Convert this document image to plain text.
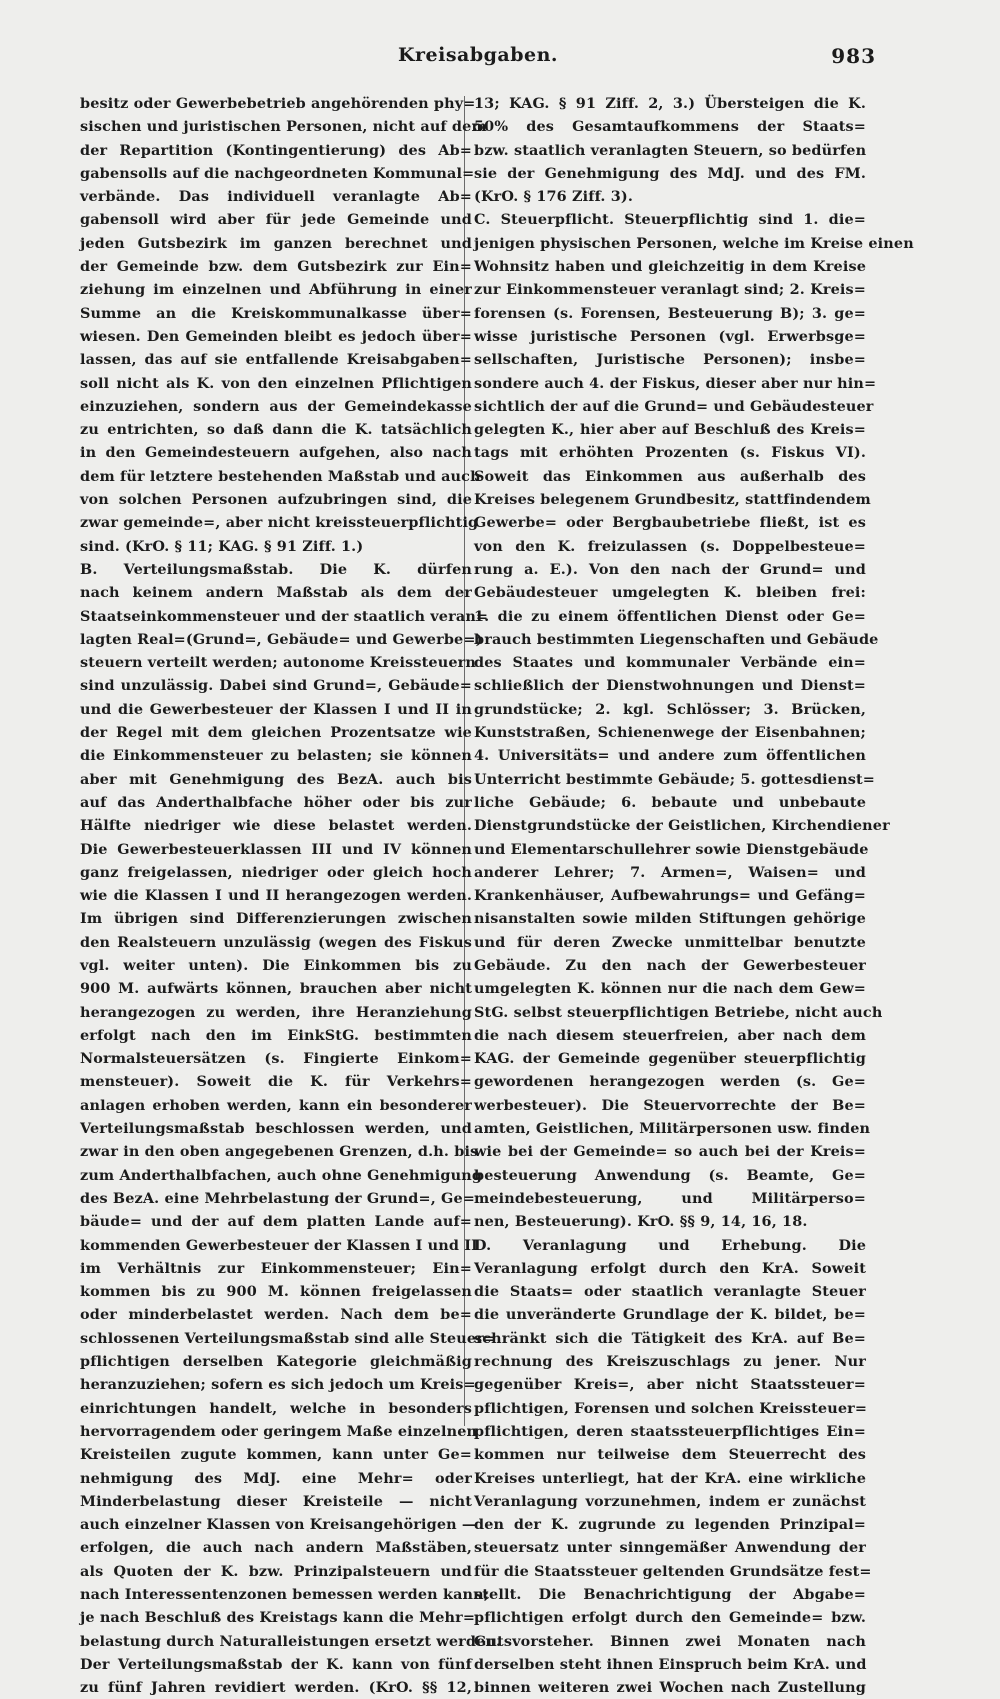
Kreisabgaben.	983
besitz oder Gewerbebetrieb angehörenden phy=
sischen und juristischen Personen, nicht auf dem
der Repartition (Kontingentierung) des Ab=
gabensolls auf die nachgeordneten Kommunal=
verbände. Das individuell veranlagte Ab=
gabensoll wird aber für jede Gemeinde und
jeden Gutsbezirk im ganzen berechnet und
der Gemeinde bzw. dem Gutsbezirk zur Ein=
ziehung im einzelnen und Abführung in einer
Summe an die Kreiskommunalkasse über=
wiesen. Den Gemeinden bleibt es jedoch über=
lassen, das auf sie entfallende Kreisabgaben=
soll nicht als K. von den einzelnen Pflichtigen
einzuziehen, sondern aus der Gemeindekasse
zu entrichten, so daß dann die K. tatsächlich
in den Gemeindesteuern aufgehen, also nach
dem für letztere bestehenden Maßstab und auch
von solchen Personen aufzubringen sind, die
zwar gemeinde=, aber nicht kreissteuerpflichtig
sind. (KrO. § 11; KAG. § 91 Ziff. 1.)
B. Verteilungsmaßstab. Die K. dürfen
nach keinem andern Maßstab als dem der
Staatseinkommensteuer und der staatlich veran=
lagten Real=(Grund=, Gebäude= und Gewerbe=)
steuern verteilt werden; autonome Kreissteuern
sind unzulässig. Dabei sind Grund=, Gebäude=
und die Gewerbesteuer der Klassen I und II in
der Regel mit dem gleichen Prozentsatze wie
die Einkommensteuer zu belasten; sie können
aber mit Genehmigung des BezA. auch bis
auf das Anderthalbfache höher oder bis zur
Hälfte niedriger wie diese belastet werden.
Die Gewerbesteuerklassen III und IV können
ganz freigelassen, niedriger oder gleich hoch
wie die Klassen I und II herangezogen werden.
Im übrigen sind Differenzierungen zwischen
den Realsteuern unzulässig (wegen des Fiskus
vgl. weiter unten). Die Einkommen bis zu
900 M. aufwärts können, brauchen aber nicht
herangezogen zu werden, ihre Heranziehung
erfolgt nach den im EinkStG. bestimmten
Normalsteuersätzen (s. Fingierte Einkom=
mensteuer). Soweit die K. für Verkehrs=
anlagen erhoben werden, kann ein besonderer
Verteilungsmaßstab beschlossen werden, und
zwar in den oben angegebenen Grenzen, d.h. bis
zum Anderthalbfachen, auch ohne Genehmigung
des BezA. eine Mehrbelastung der Grund=, Ge=
bäude= und der auf dem platten Lande auf=
kommenden Gewerbesteuer der Klassen I und II
im Verhältnis zur Einkommensteuer; Ein=
kommen bis zu 900 M. können freigelassen
oder minderbelastet werden. Nach dem be=
schlossenen Verteilungsmaßstab sind alle Steuer=
pflichtigen derselben Kategorie gleichmäßig
heranzuziehen; sofern es sich jedoch um Kreis=
einrichtungen handelt, welche in besonders
hervorragendem oder geringem Maße einzelnen
Kreisteilen zugute kommen, kann unter Ge=
nehmigung des MdJ. eine Mehr= oder
Minderbelastung dieser Kreisteile — nicht
auch einzelner Klassen von Kreisangehörigen —
erfolgen, die auch nach andern Maßstäben,
als Quoten der K. bzw. Prinzipalsteuern und
nach Interessentenzonen bemessen werden kann;
je nach Beschluß des Kreistags kann die Mehr=
belastung durch Naturalleistungen ersetzt werden.
Der Verteilungsmaßstab der K. kann von fünf
zu fünf Jahren revidiert werden. (KrO. §§ 12,
13; KAG. § 91 Ziff. 2, 3.) Übersteigen die K.
50% des Gesamtaufkommens der Staats=
bzw. staatlich veranlagten Steuern, so bedürfen
sie der Genehmigung des MdJ. und des FM.
(KrO. § 176 Ziff. 3).
C. Steuerpflicht. Steuerpflichtig sind 1. die=
jenigen physischen Personen, welche im Kreise einen
Wohnsitz haben und gleichzeitig in dem Kreise
zur Einkommensteuer veranlagt sind; 2. Kreis=
forensen (s. Forensen, Besteuerung B); 3. ge=
wisse juristische Personen (vgl. Erwerbsge=
sellschaften, Juristische Personen); insbe=
sondere auch 4. der Fiskus, dieser aber nur hin=
sichtlich der auf die Grund= und Gebäudesteuer
gelegten K., hier aber auf Beschluß des Kreis=
tags mit erhöhten Prozenten (s. Fiskus VI).
Soweit das Einkommen aus außerhalb des
Kreises belegenem Grundbesitz, stattfindendem
Gewerbe= oder Bergbaubetriebe fließt, ist es
von den K. freizulassen (s. Doppelbesteue=
rung a. E.). Von den nach der Grund= und
Gebäudesteuer umgelegten K. bleiben frei:
1. die zu einem öffentlichen Dienst oder Ge=
brauch bestimmten Liegenschaften und Gebäude
des Staates und kommunaler Verbände ein=
schließlich der Dienstwohnungen und Dienst=
grundstücke; 2. kgl. Schlösser; 3. Brücken,
Kunststraßen, Schienenwege der Eisenbahnen;
4. Universitäts= und andere zum öffentlichen
Unterricht bestimmte Gebäude; 5. gottesdienst=
liche Gebäude; 6. bebaute und unbebaute
Dienstgrundstücke der Geistlichen, Kirchendiener
und Elementarschullehrer sowie Dienstgebäude
anderer Lehrer; 7. Armen=, Waisen= und
Krankenhäuser, Aufbewahrungs= und Gefäng=
nisanstalten sowie milden Stiftungen gehörige
und für deren Zwecke unmittelbar benutzte
Gebäude. Zu den nach der Gewerbesteuer
umgelegten K. können nur die nach dem Gew=
StG. selbst steuerpflichtigen Betriebe, nicht auch
die nach diesem steuerfreien, aber nach dem
KAG. der Gemeinde gegenüber steuerpflichtig
gewordenen herangezogen werden (s. Ge=
werbesteuer). Die Steuervorrechte der Be=
amten, Geistlichen, Militärpersonen usw. finden
wie bei der Gemeinde= so auch bei der Kreis=
besteuerung Anwendung (s. Beamte, Ge=
meindebesteuerung, und Militärperso=
nen, Besteuerung). KrO. §§ 9, 14, 16, 18.
D. Veranlagung und Erhebung. Die
Veranlagung erfolgt durch den KrA. Soweit
die Staats= oder staatlich veranlagte Steuer
die unveränderte Grundlage der K. bildet, be=
schränkt sich die Tätigkeit des KrA. auf Be=
rechnung des Kreiszuschlags zu jener. Nur
gegenüber Kreis=, aber nicht Staatssteuer=
pflichtigen, Forensen und solchen Kreissteuer=
pflichtigen, deren staatssteuerpflichtiges Ein=
kommen nur teilweise dem Steuerrecht des
Kreises unterliegt, hat der KrA. eine wirkliche
Veranlagung vorzunehmen, indem er zunächst
den der K. zugrunde zu legenden Prinzipal=
steuersatz unter sinngemäßer Anwendung der
für die Staatssteuer geltenden Grundsätze fest=
stellt. Die Benachrichtigung der Abgabe=
pflichtigen erfolgt durch den Gemeinde= bzw.
Gutsvorsteher. Binnen zwei Monaten nach
derselben steht ihnen Einspruch beim KrA. und
binnen weiteren zwei Wochen nach Zustellung
